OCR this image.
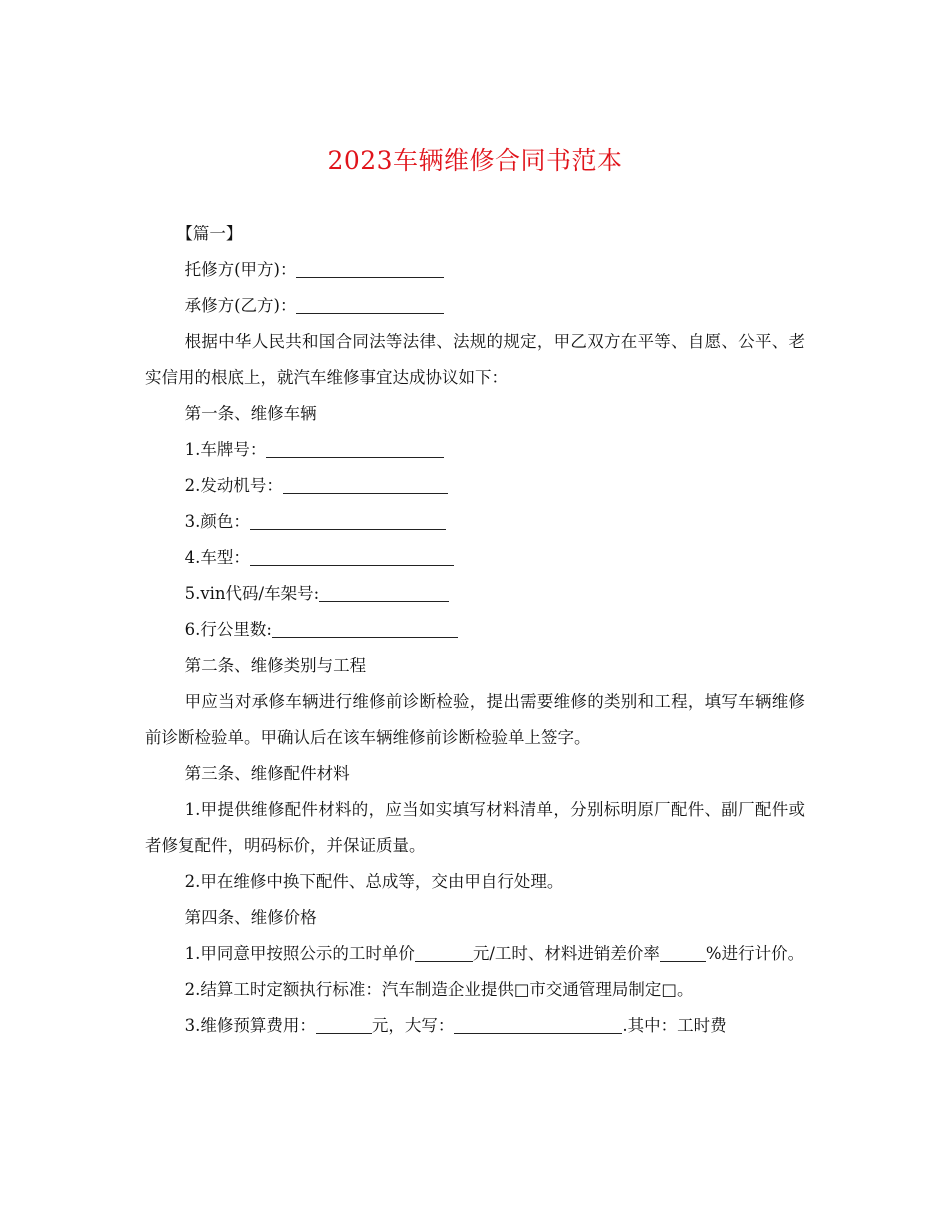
2023车辆维修合同书范本

【篇一】

托修方(甲方)：

承修方(乙方)：

根据中华人民共和国合同法等法律、法规的规定，甲乙双方在平等、自愿、公平、老实信用的根底上，就汽车维修事宜达成协议如下：

第一条、维修车辆

1.车牌号：

2.发动机号：

3.颜色：

4.车型：

5.vin代码/车架号:

6.行公里数:

第二条、维修类别与工程

甲应当对承修车辆进行维修前诊断检验，提出需要维修的类别和工程，填写车辆维修前诊断检验单。甲确认后在该车辆维修前诊断检验单上签字。

第三条、维修配件材料

1.甲提供维修配件材料的，应当如实填写材料清单，分别标明原厂配件、副厂配件或者修复配件，明码标价，并保证质量。

2.甲在维修中换下配件、总成等，交由甲自行处理。

第四条、维修价格

1.甲同意甲按照公示的工时单价	元/工时、材料进销差价率	%进行计价。

2.结算工时定额执行标准：汽车制造企业提供□市交通管理局制定□。

3.维修预算费用：	元，大写：	.其中：工时费
